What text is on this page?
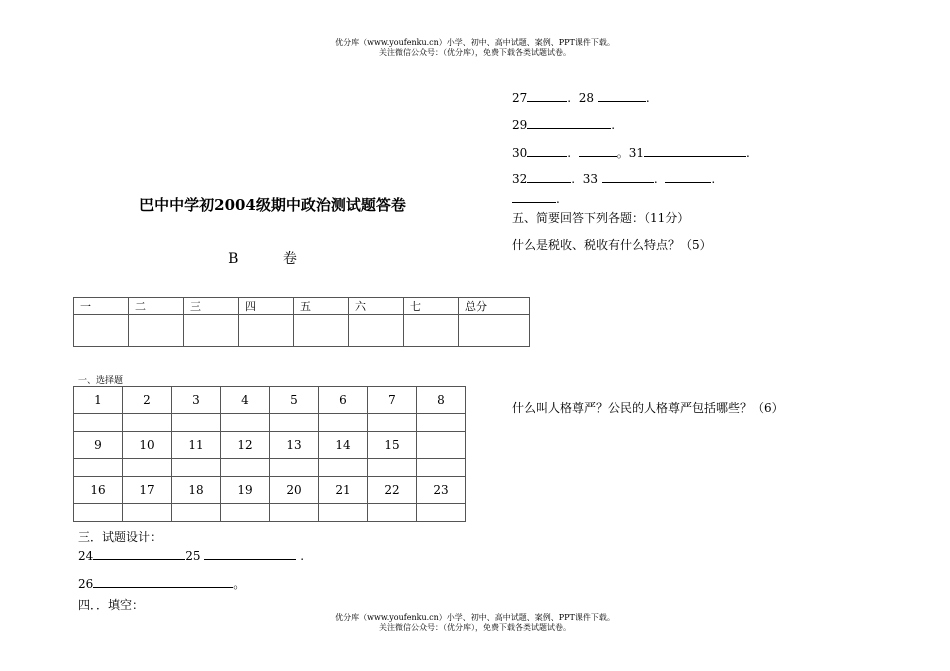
优分库（www.youfenku.cn）小学、初中、高中试题、案例、PPT课件下载。
关注微信公众号：（优分库），免费下载各类试题试卷。
巴中中学初2004级期中政治测试题答卷
B 卷
一	二	三	四	五	六	七	总分

一、选择题
1	2	3	4	5	6	7	8

9	10	11	12	13	14	15	

16	17	18	19	20	21	22	23

三．试题设计：
24	25	.
26	。
四．．填空：
27	. 28	.
29	.
30	.	。31	.
32	. 33	.	.
.
五、简要回答下列各题：（11分）
什么是税收、税收有什么特点？（5）
什么叫人格尊严？公民的人格尊严包括哪些？（6）
优分库（www.youfenku.cn）小学、初中、高中试题、案例、PPT课件下载。
关注微信公众号：（优分库），免费下载各类试题试卷。
